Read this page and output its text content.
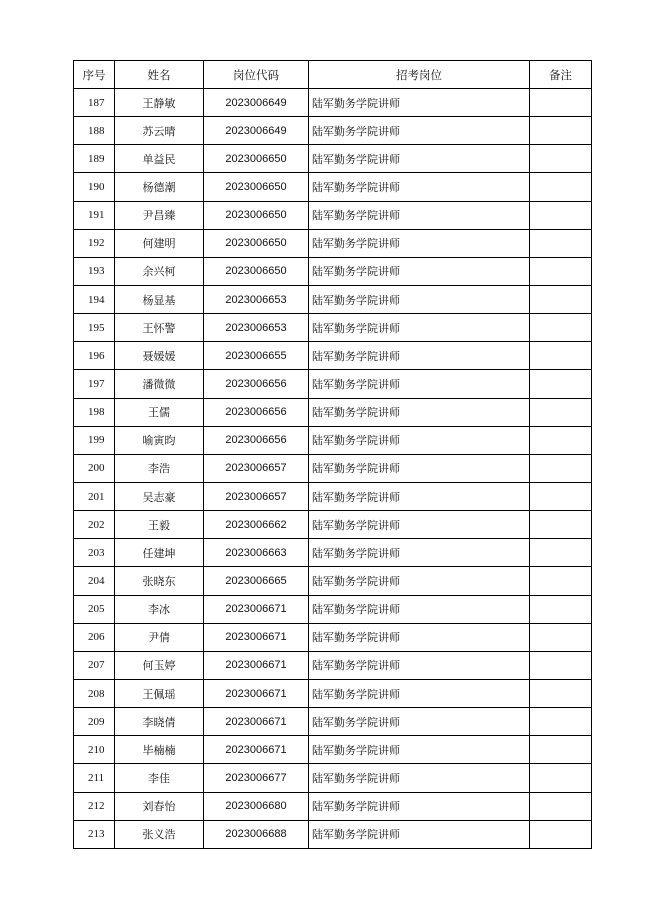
序号	姓名	岗位代码	招考岗位	备注
187	王静敏	2023006649	陆军勤务学院讲师	
188	苏云晴	2023006649	陆军勤务学院讲师	
189	单益民	2023006650	陆军勤务学院讲师	
190	杨德潮	2023006650	陆军勤务学院讲师	
191	尹昌臻	2023006650	陆军勤务学院讲师	
192	何建明	2023006650	陆军勤务学院讲师	
193	余兴柯	2023006650	陆军勤务学院讲师	
194	杨显基	2023006653	陆军勤务学院讲师	
195	王怀警	2023006653	陆军勤务学院讲师	
196	聂媛媛	2023006655	陆军勤务学院讲师	
197	潘微微	2023006656	陆军勤务学院讲师	
198	王儒	2023006656	陆军勤务学院讲师	
199	喻寅昀	2023006656	陆军勤务学院讲师	
200	李浩	2023006657	陆军勤务学院讲师	
201	吴志豪	2023006657	陆军勤务学院讲师	
202	王毅	2023006662	陆军勤务学院讲师	
203	任建坤	2023006663	陆军勤务学院讲师	
204	张晓东	2023006665	陆军勤务学院讲师	
205	李冰	2023006671	陆军勤务学院讲师	
206	尹倩	2023006671	陆军勤务学院讲师	
207	何玉婷	2023006671	陆军勤务学院讲师	
208	王佩瑶	2023006671	陆军勤务学院讲师	
209	李晓倩	2023006671	陆军勤务学院讲师	
210	毕楠楠	2023006671	陆军勤务学院讲师	
211	李佳	2023006677	陆军勤务学院讲师	
212	刘春怡	2023006680	陆军勤务学院讲师	
213	张义浩	2023006688	陆军勤务学院讲师	
